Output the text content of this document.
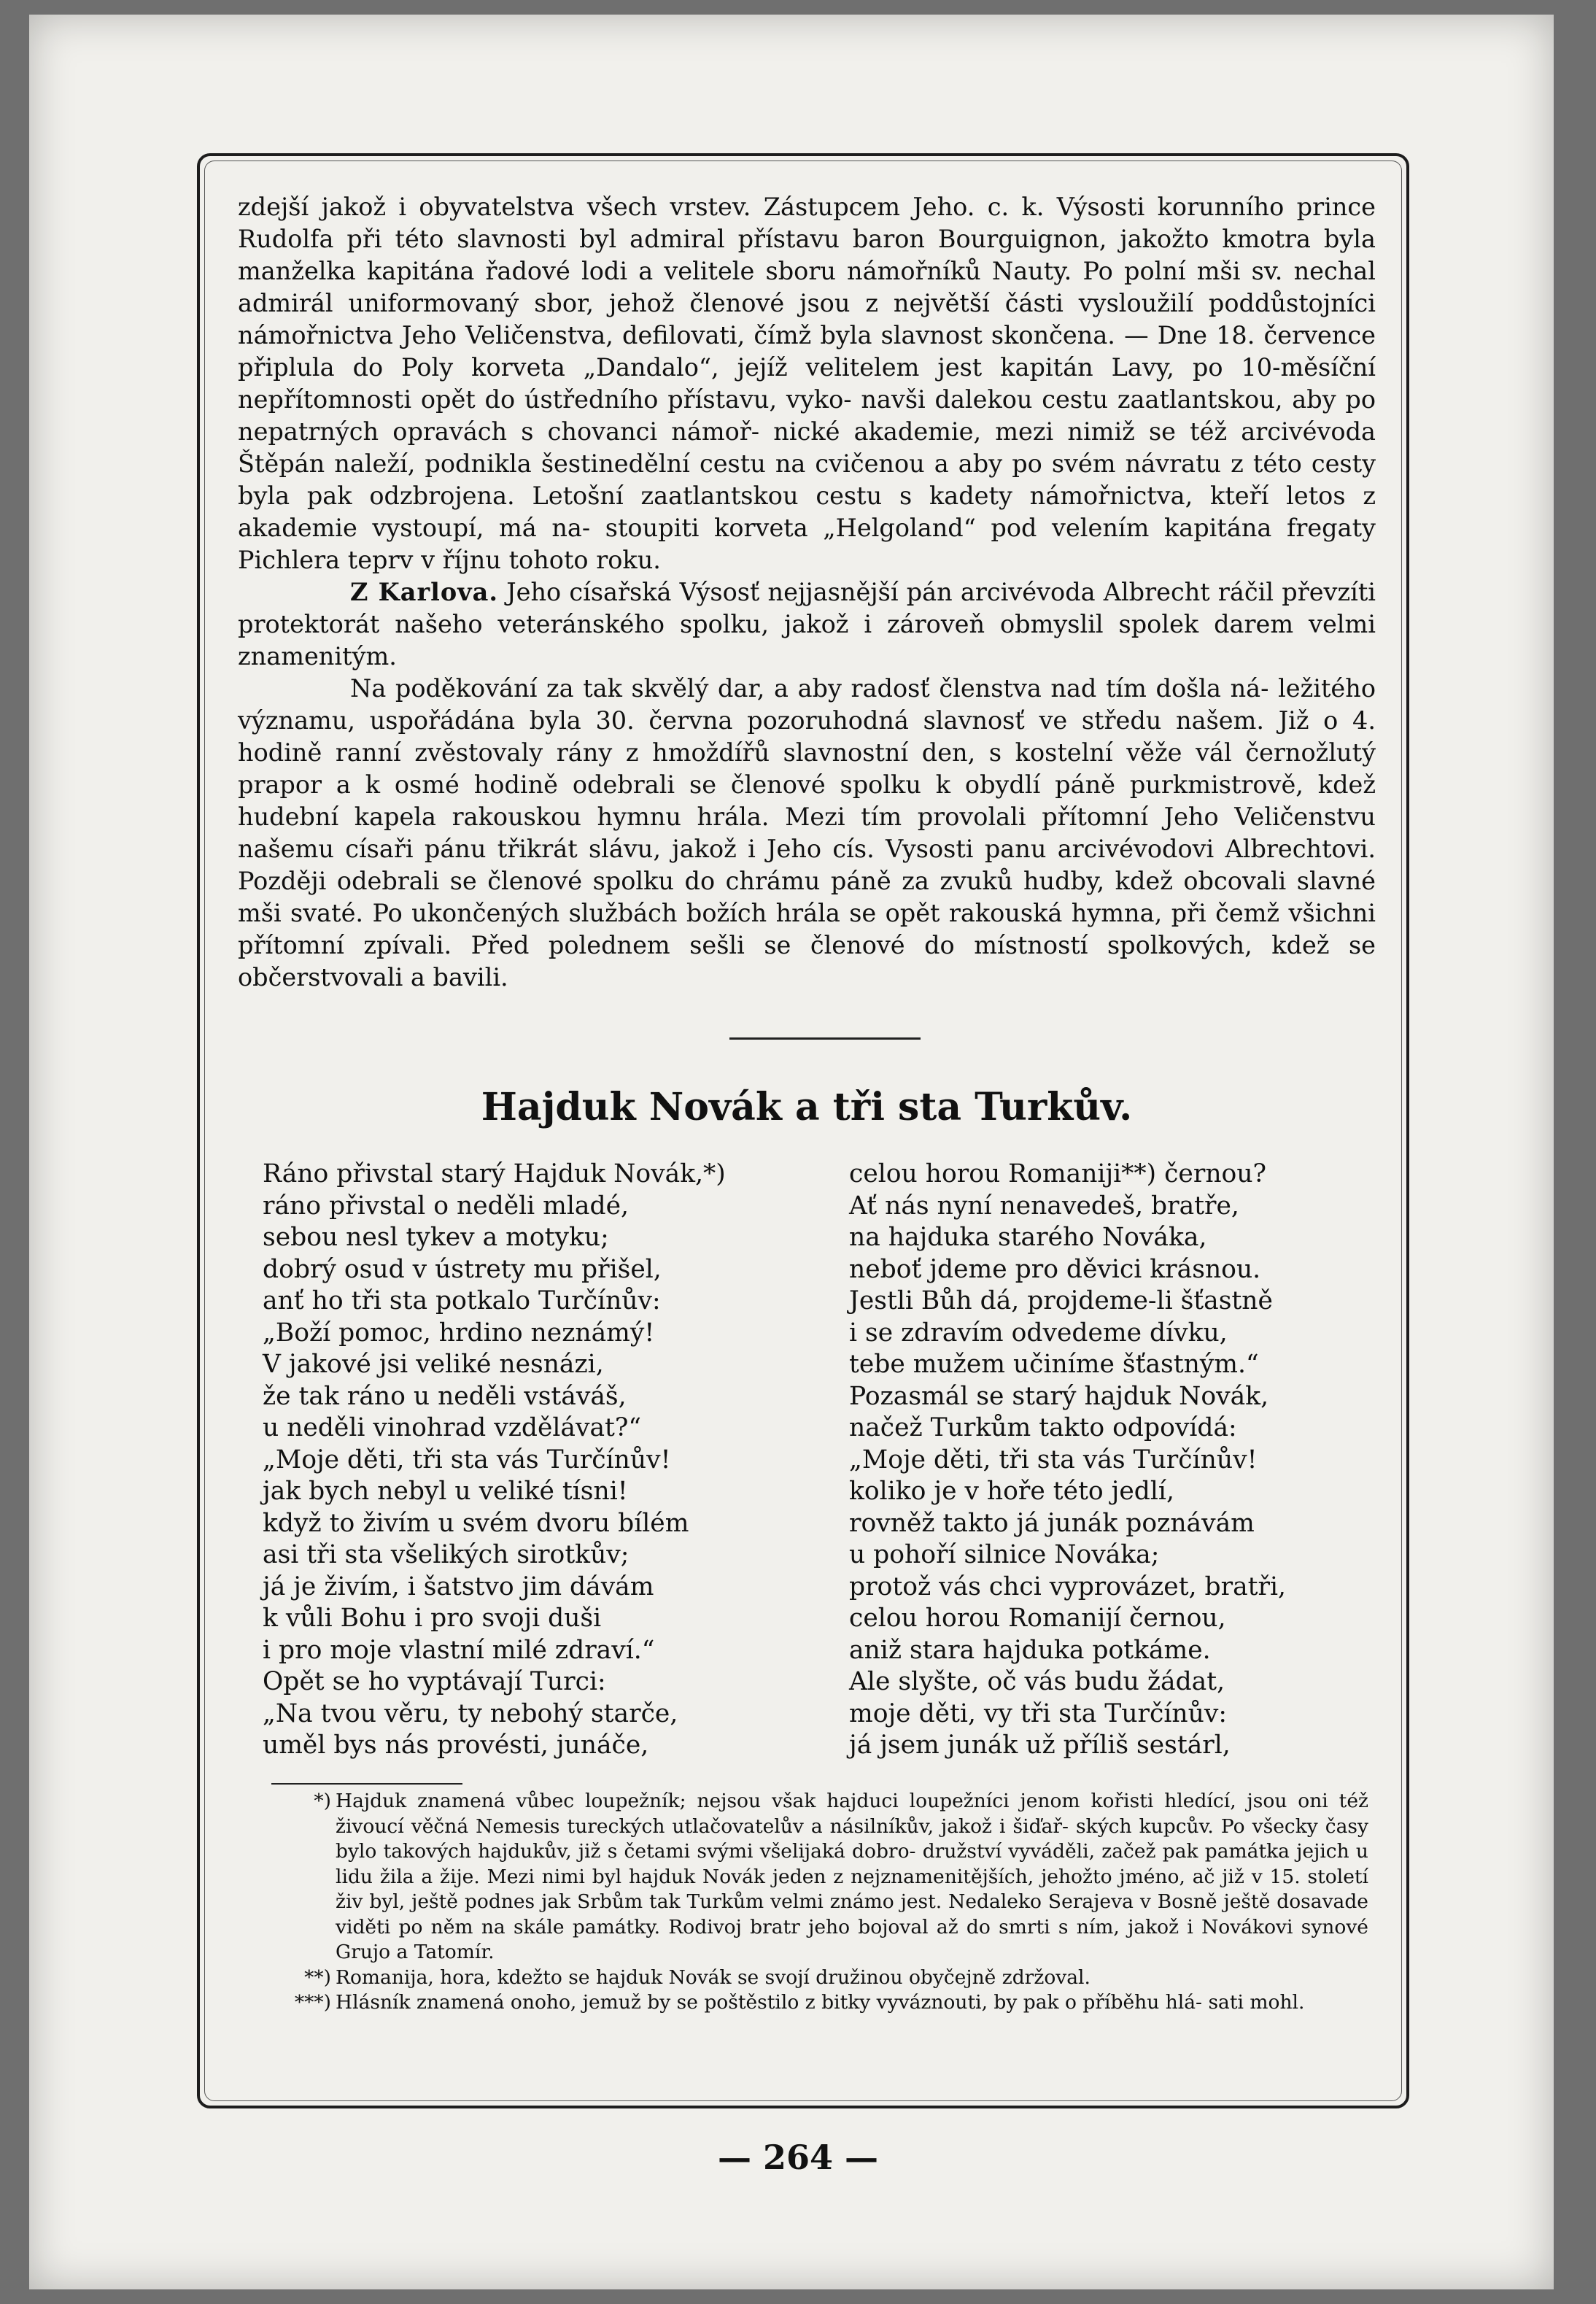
zdejší jakož i obyvatelstva všech vrstev. Zástupcem Jeho. c. k. Výsosti korunního prince Rudolfa při této slavnosti byl admiral přístavu baron Bourguignon, jakožto kmotra byla manželka kapitána řadové lodi a velitele sboru námořníků Nauty. Po polní mši sv. nechal admirál uniformovaný sbor, jehož členové jsou z největší části vysloužilí poddůstojníci námořnictva Jeho Veličenstva, defilovati, čímž byla slavnost skončena. — Dne 18. července připlula do Poly korveta „Dandalo“, jejíž velitelem jest kapitán Lavy, po 10-měsíční nepřítomnosti opět do ústředního přístavu, vyko- navši dalekou cestu zaatlantskou, aby po nepatrných opravách s chovanci námoř- nické akademie, mezi nimiž se též arcivévoda Štěpán naleží, podnikla šestinedělní cestu na cvičenou a aby po svém návratu z této cesty byla pak odzbrojena. Letošní zaatlantskou cestu s kadety námořnictva, kteří letos z akademie vystoupí, má na- stoupiti korveta „Helgoland“ pod velením kapitána fregaty Pichlera teprv v říjnu tohoto roku.

Z Karlova. Jeho císařská Výsosť nejjasnější pán arcivévoda Albrecht ráčil převzíti protektorát našeho veteránského spolku, jakož i zároveň obmyslil spolek darem velmi znamenitým.

Na poděkování za tak skvělý dar, a aby radosť členstva nad tím došla ná- ležitého významu, uspořádána byla 30. června pozoruhodná slavnosť ve středu našem. Již o 4. hodině ranní zvěstovaly rány z hmoždířů slavnostní den, s kostelní věže vál černožlutý prapor a k osmé hodině odebrali se členové spolku k obydlí páně purkmistrově, kdež hudební kapela rakouskou hymnu hrála. Mezi tím provolali přítomní Jeho Veličenstvu našemu císaři pánu třikrát slávu, jakož i Jeho cís. Vysosti panu arcivévodovi Albrechtovi. Později odebrali se členové spolku do chrámu páně za zvuků hudby, kdež obcovali slavné mši svaté. Po ukončených službách božích hrála se opět rakouská hymna, při čemž všichni přítomní zpívali. Před polednem sešli se členové do místností spolkových, kdež se občerstvovali a bavili.

Hajduk Novák a tři sta Turkův.
Ráno přivstal starý Hajduk Novák,*)
ráno přivstal o neděli mladé,
sebou nesl tykev a motyku;
dobrý osud v ústrety mu přišel,
anť ho tři sta potkalo Turčínův:
„Boží pomoc, hrdino neznámý!
V jakové jsi veliké nesnázi,
že tak ráno u neděli vstáváš,
u neděli vinohrad vzdělávat?“
„Moje děti, tři sta vás Turčínův!
jak bych nebyl u veliké tísni!
když to živím u svém dvoru bílém
asi tři sta všelikých sirotkův;
já je živím, i šatstvo jim dávám
k vůli Bohu i pro svoji duši
i pro moje vlastní milé zdraví.“
Opět se ho vyptávají Turci:
„Na tvou věru, ty nebohý starče,
uměl bys nás provésti, junáče,
celou horou Romaniji**) černou?
Ať nás nyní nenavedeš, bratře,
na hajduka starého Nováka,
neboť jdeme pro děvici krásnou.
Jestli Bůh dá, projdeme-li šťastně
i se zdravím odvedeme dívku,
tebe mužem učiníme šťastným.“
Pozasmál se starý hajduk Novák,
načež Turkům takto odpovídá:
„Moje děti, tři sta vás Turčínův!
koliko je v hoře této jedlí,
rovněž takto já junák poznávám
u pohoří silnice Nováka;
protož vás chci vyprovázet, bratři,
celou horou Romanijí černou,
aniž stara hajduka potkáme.
Ale slyšte, oč vás budu žádat,
moje děti, vy tři sta Turčínův:
já jsem junák už příliš sestárl,
*) Hajduk znamená vůbec loupežník; nejsou však hajduci loupežníci jenom kořisti hledící, jsou oni též živoucí věčná Nemesis tureckých utlačovatelův a násilníkův, jakož i šiďař- ských kupcův. Po všecky časy bylo takových hajdukův, již s četami svými všelijaká dobro- družství vyváděli, začež pak památka jejich u lidu žila a žije. Mezi nimi byl hajduk Novák jeden z nejznamenitějších, jehožto jméno, ač již v 15. století živ byl, ještě podnes jak Srbům tak Turkům velmi známo jest. Nedaleko Serajeva v Bosně ještě dosavade viděti po něm na skále památky. Rodivoj bratr jeho bojoval až do smrti s ním, jakož i Novákovi synové Grujo a Tatomír.
**) Romanija, hora, kdežto se hajduk Novák se svojí družinou obyčejně zdržoval.
***) Hlásník znamená onoho, jemuž by se poštěstilo z bitky vyváznouti, by pak o příběhu hlá- sati mohl.
— 264 —
